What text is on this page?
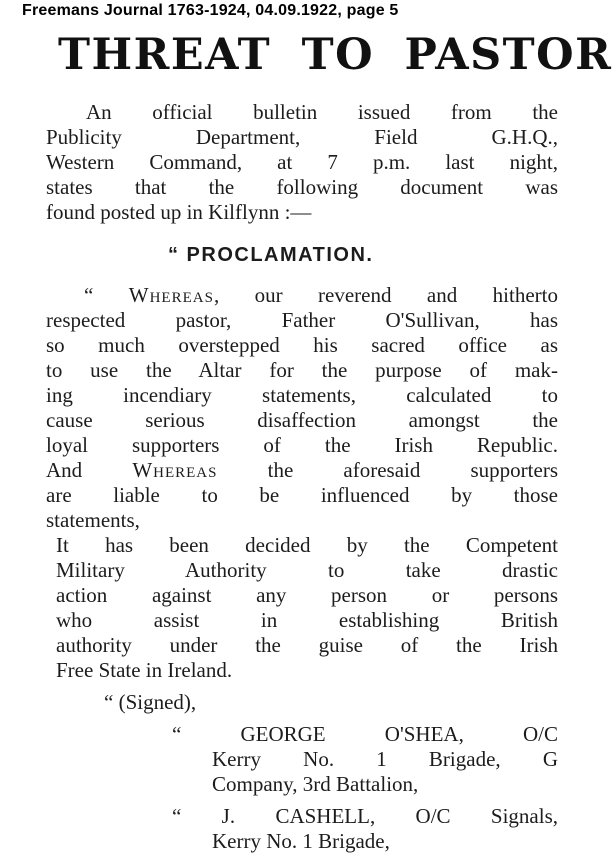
Freemans Journal 1763-1924, 04.09.1922, page 5
THREAT TO PASTOR
An official bulletin issued from the
Publicity Department, Field G.H.Q.,
Western Command, at 7 p.m. last night,
states that the following document was
found posted up in Kilflynn :—
“ PROCLAMATION.
“ Whereas, our reverend and hitherto
respected pastor, Father O'Sullivan, has
so much overstepped his sacred office as
to use the Altar for the purpose of mak-
ing incendiary statements, calculated to
cause serious disaffection amongst the
loyal supporters of the Irish Republic.
And Whereas the aforesaid supporters
are liable to be influenced by those
statements,
It has been decided by the Competent
Military Authority to take drastic
action against any person or persons
who assist in establishing British
authority under the guise of the Irish
Free State in Ireland.
“ (Signed),
“ GEORGE O'SHEA, O/C
Kerry No. 1 Brigade, G
Company, 3rd Battalion,
“ J. CASHELL, O/C Signals,
Kerry No. 1 Brigade,
